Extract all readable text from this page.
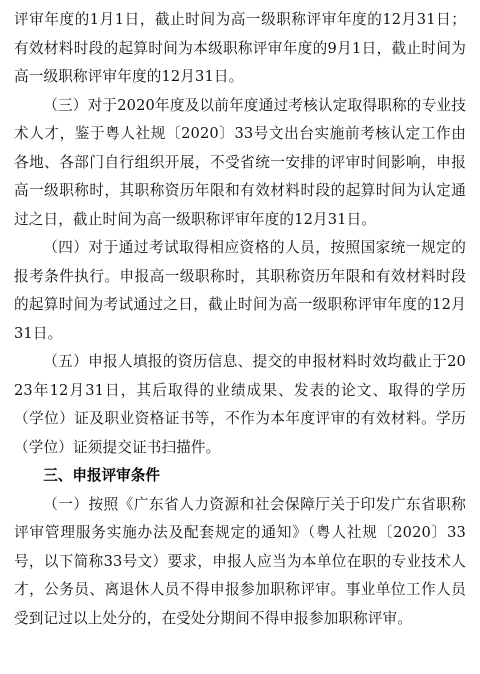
评审年度的1月1日，截止时间为高一级职称评审年度的12月31日；有效材料时段的起算时间为本级职称评审年度的9月1日，截止时间为高一级职称评审年度的12月31日。

（三）对于2020年度及以前年度通过考核认定取得职称的专业技术人才，鉴于粤人社规〔2020〕33号文出台实施前考核认定工作由各地、各部门自行组织开展，不受省统一安排的评审时间影响，申报高一级职称时，其职称资历年限和有效材料时段的起算时间为认定通过之日，截止时间为高一级职称评审年度的12月31日。

（四）对于通过考试取得相应资格的人员，按照国家统一规定的报考条件执行。申报高一级职称时，其职称资历年限和有效材料时段的起算时间为考试通过之日，截止时间为高一级职称评审年度的12月31日。

（五）申报人填报的资历信息、提交的申报材料时效均截止于2023年12月31日，其后取得的业绩成果、发表的论文、取得的学历（学位）证及职业资格证书等，不作为本年度评审的有效材料。学历（学位）证须提交证书扫描件。

三、申报评审条件

（一）按照《广东省人力资源和社会保障厅关于印发广东省职称评审管理服务实施办法及配套规定的通知》（粤人社规〔2020〕33号，以下简称33号文）要求，申报人应当为本单位在职的专业技术人才，公务员、离退休人员不得申报参加职称评审。事业单位工作人员受到记过以上处分的，在受处分期间不得申报参加职称评审。
